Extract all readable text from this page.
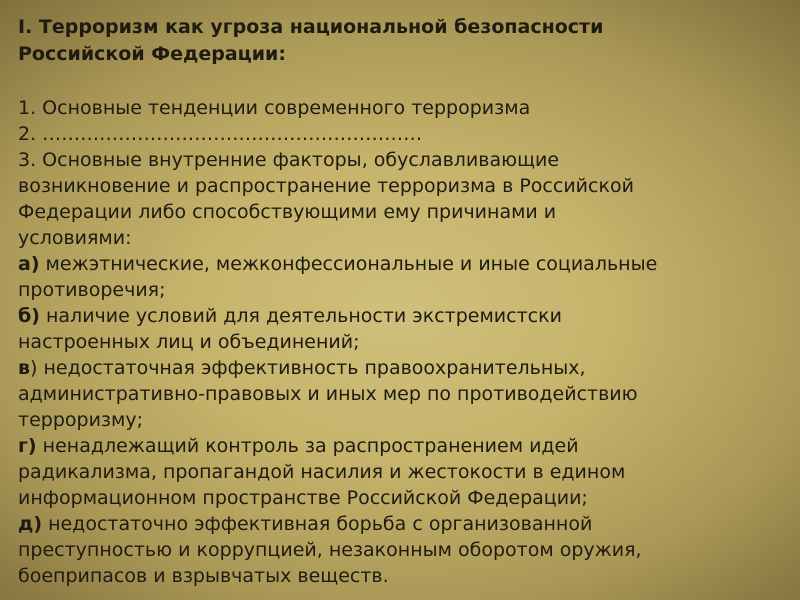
I. Терроризм как угроза национальной безопасности
Российской Федерации:
1. Основные тенденции современного терроризма
2. ……………………………………………………
3. Основные внутренние факторы, обуславливающие
возникновение и распространение терроризма в Российской
Федерации либо способствующими ему причинами и
условиями:
а) межэтнические, межконфессиональные и иные социальные
противоречия;
б) наличие условий для деятельности экстремистски
настроенных лиц и объединений;
в) недостаточная эффективность правоохранительных,
административно-правовых и иных мер по противодействию
терроризму;
г) ненадлежащий контроль за распространением идей
радикализма, пропагандой насилия и жестокости в едином
информационном пространстве Российской Федерации;
д) недостаточно эффективная борьба с организованной
преступностью и коррупцией, незаконным оборотом оружия,
боеприпасов и взрывчатых веществ.
